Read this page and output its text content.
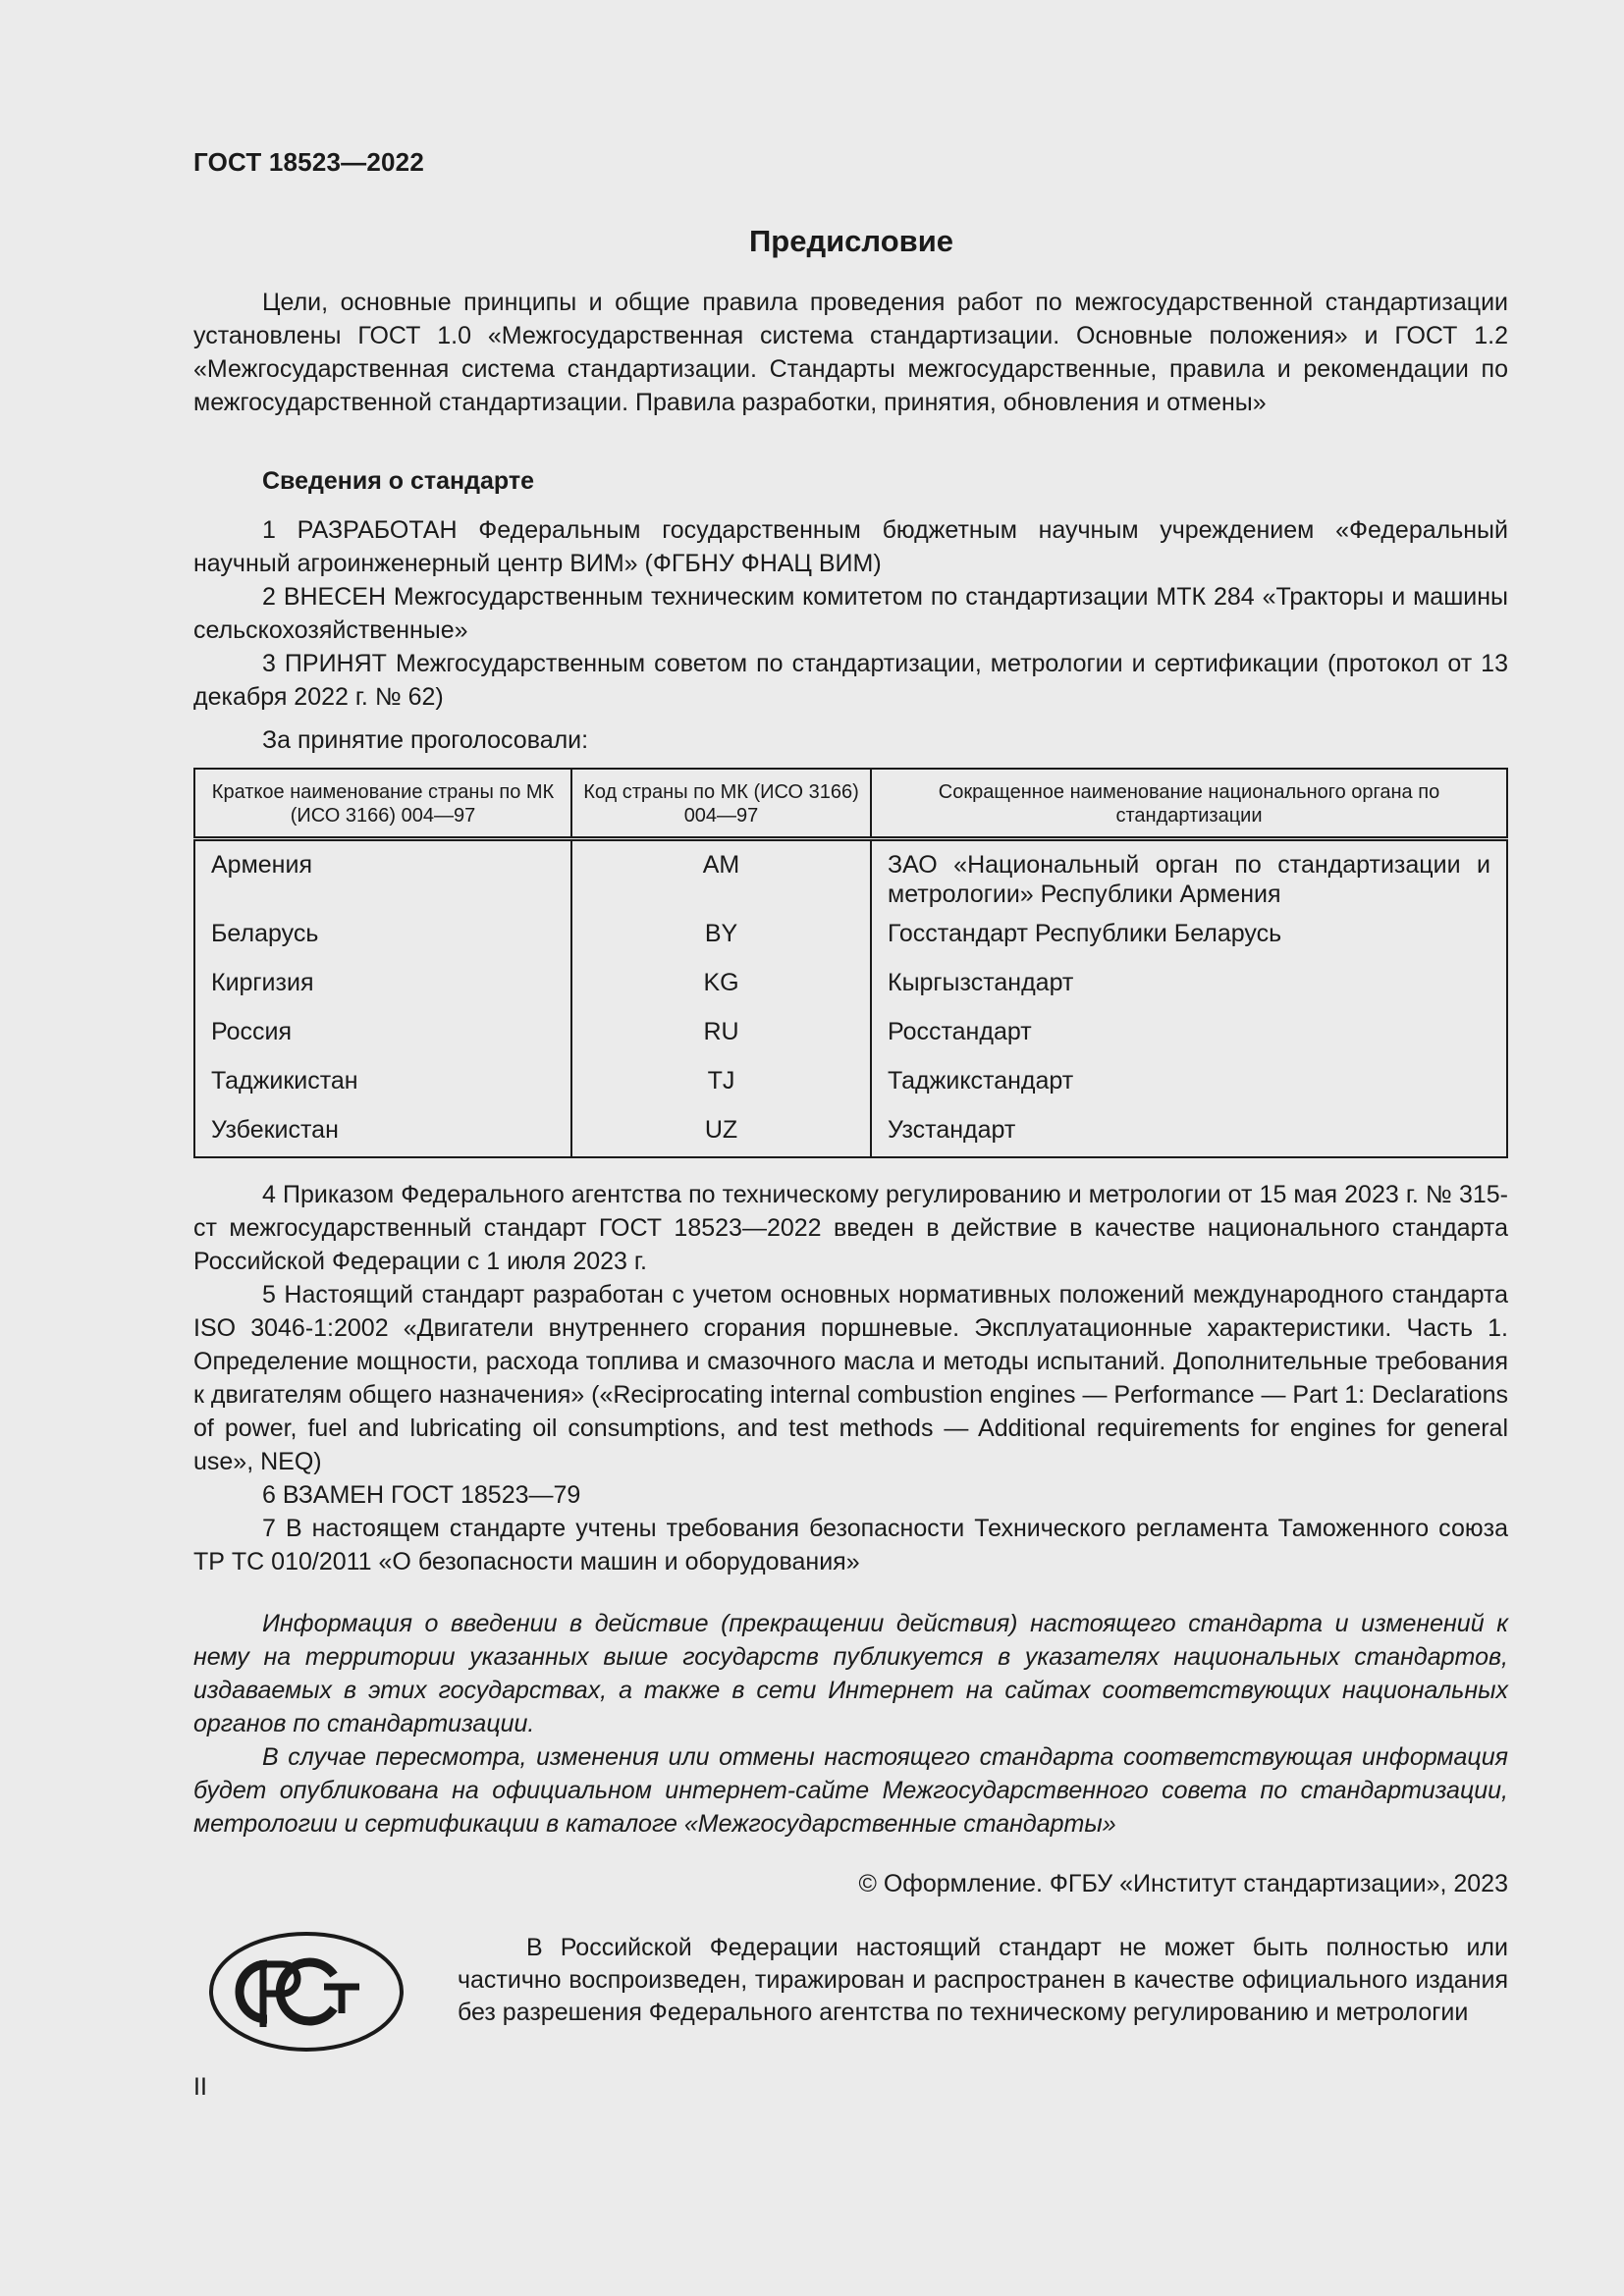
ГОСТ 18523—2022
Предисловие

Цели, основные принципы и общие правила проведения работ по межгосударственной стандартизации установлены ГОСТ 1.0 «Межгосударственная система стандартизации. Основные положения» и ГОСТ 1.2 «Межгосударственная система стандартизации. Стандарты межгосударственные, правила и рекомендации по межгосударственной стандартизации. Правила разработки, принятия, обновления и отмены»

Сведения о стандарте

1 РАЗРАБОТАН Федеральным государственным бюджетным научным учреждением «Федеральный научный агроинженерный центр ВИМ» (ФГБНУ ФНАЦ ВИМ)

2 ВНЕСЕН Межгосударственным техническим комитетом по стандартизации МТК 284 «Тракторы и машины сельскохозяйственные»

3 ПРИНЯТ Межгосударственным советом по стандартизации, метрологии и сертификации (протокол от 13 декабря 2022 г. № 62)

За принятие проголосовали:

Краткое наименование страны по МК (ИСО 3166) 004—97	Код страны по МК (ИСО 3166) 004—97	Сокращенное наименование национального органа по стандартизации
Армения	AM	ЗАО «Национальный орган по стандартизации и метрологии» Республики Армения
Беларусь	BY	Госстандарт Республики Беларусь
Киргизия	KG	Кыргызстандарт
Россия	RU	Росстандарт
Таджикистан	TJ	Таджикстандарт
Узбекистан	UZ	Узстандарт

4 Приказом Федерального агентства по техническому регулированию и метрологии от 15 мая 2023 г. № 315-ст межгосударственный стандарт ГОСТ 18523—2022 введен в действие в качестве национального стандарта Российской Федерации с 1 июля 2023 г.

5 Настоящий стандарт разработан с учетом основных нормативных положений международного стандарта ISO 3046-1:2002 «Двигатели внутреннего сгорания поршневые. Эксплуатационные характеристики. Часть 1. Определение мощности, расхода топлива и смазочного масла и методы испытаний. Дополнительные требования к двигателям общего назначения» («Reciprocating internal combustion engines — Performance — Part 1: Declarations of power, fuel and lubricating oil consumptions, and test methods — Additional requirements for engines for general use», NEQ)

6 ВЗАМЕН ГОСТ 18523—79

7 В настоящем стандарте учтены требования безопасности Технического регламента Таможенного союза ТР ТС 010/2011 «О безопасности машин и оборудования»

Информация о введении в действие (прекращении действия) настоящего стандарта и изменений к нему на территории указанных выше государств публикуется в указателях национальных стандартов, издаваемых в этих государствах, а также в сети Интернет на сайтах соответствующих национальных органов по стандартизации.

В случае пересмотра, изменения или отмены настоящего стандарта соответствующая информация будет опубликована на официальном интернет-сайте Межгосударственного совета по стандартизации, метрологии и сертификации в каталоге «Межгосударственные стандарты»

© Оформление. ФГБУ «Институт стандартизации», 2023

В Российской Федерации настоящий стандарт не может быть полностью или частично воспроизведен, тиражирован и распространен в качестве официального издания без разрешения Федерального агентства по техническому регулированию и метрологии

II
